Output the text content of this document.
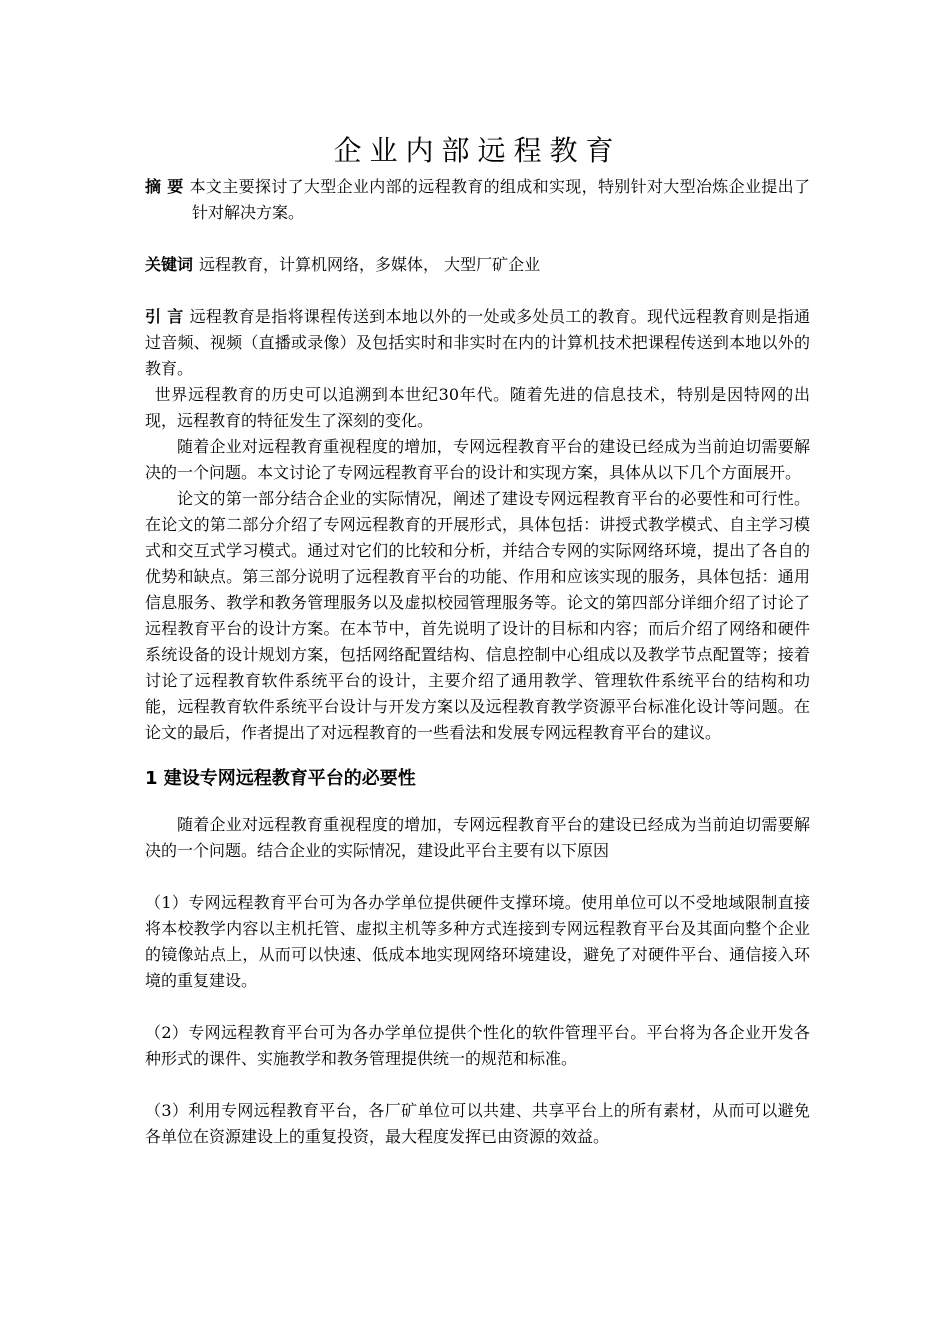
企业内部远程教育

摘 要 本文主要探讨了大型企业内部的远程教育的组成和实现，特别针对大型冶炼企业提出了针对解决方案。

关键词 远程教育，计算机网络，多媒体， 大型厂矿企业

引 言 远程教育是指将课程传送到本地以外的一处或多处员工的教育。现代远程教育则是指通过音频、视频（直播或录像）及包括实时和非实时在内的计算机技术把课程传送到本地以外的教育。

世界远程教育的历史可以追溯到本世纪30年代。随着先进的信息技术，特别是因特网的出现，远程教育的特征发生了深刻的变化。

随着企业对远程教育重视程度的增加，专网远程教育平台的建设已经成为当前迫切需要解决的一个问题。本文讨论了专网远程教育平台的设计和实现方案，具体从以下几个方面展开。

论文的第一部分结合企业的实际情况，阐述了建设专网远程教育平台的必要性和可行性。在论文的第二部分介绍了专网远程教育的开展形式，具体包括：讲授式教学模式、自主学习模式和交互式学习模式。通过对它们的比较和分析，并结合专网的实际网络环境，提出了各自的优势和缺点。第三部分说明了远程教育平台的功能、作用和应该实现的服务，具体包括：通用信息服务、教学和教务管理服务以及虚拟校园管理服务等。论文的第四部分详细介绍了讨论了远程教育平台的设计方案。在本节中，首先说明了设计的目标和内容；而后介绍了网络和硬件系统设备的设计规划方案，包括网络配置结构、信息控制中心组成以及教学节点配置等；接着讨论了远程教育软件系统平台的设计，主要介绍了通用教学、管理软件系统平台的结构和功能，远程教育软件系统平台设计与开发方案以及远程教育教学资源平台标准化设计等问题。在论文的最后，作者提出了对远程教育的一些看法和发展专网远程教育平台的建议。

1 建设专网远程教育平台的必要性

随着企业对远程教育重视程度的增加，专网远程教育平台的建设已经成为当前迫切需要解决的一个问题。结合企业的实际情况，建设此平台主要有以下原因

（1）专网远程教育平台可为各办学单位提供硬件支撑环境。使用单位可以不受地域限制直接将本校教学内容以主机托管、虚拟主机等多种方式连接到专网远程教育平台及其面向整个企业的镜像站点上，从而可以快速、低成本地实现网络环境建设，避免了对硬件平台、通信接入环境的重复建设。

（2）专网远程教育平台可为各办学单位提供个性化的软件管理平台。平台将为各企业开发各种形式的课件、实施教学和教务管理提供统一的规范和标准。

（3）利用专网远程教育平台，各厂矿单位可以共建、共享平台上的所有素材，从而可以避免各单位在资源建设上的重复投资，最大程度发挥已由资源的效益。
